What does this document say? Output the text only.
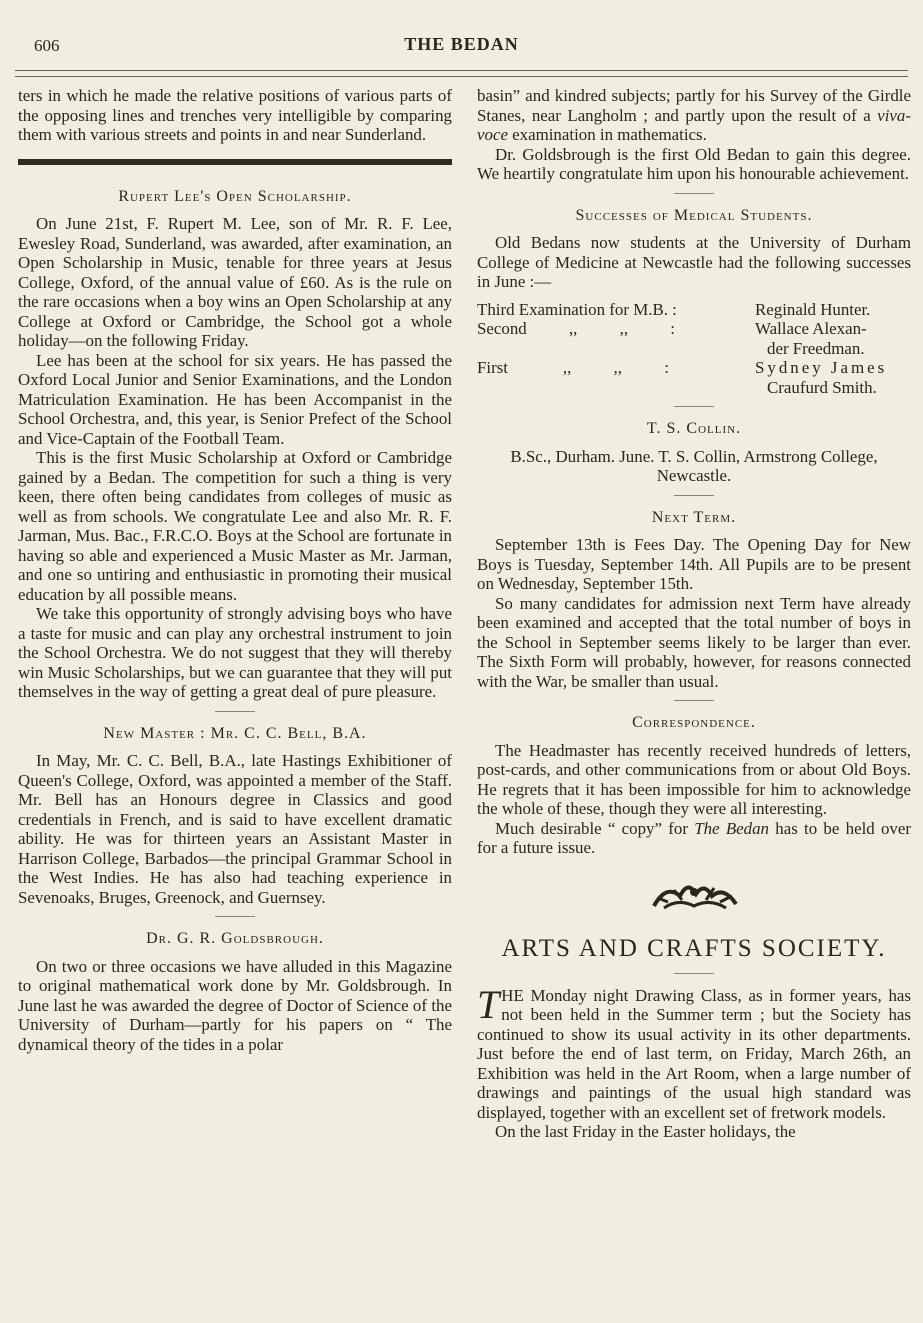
606	THE BEDAN

ters in which he made the relative positions of various parts of the opposing lines and trenches very intelligible by comparing them with various streets and points in and near Sunderland.

Rupert Lee's Open Scholarship.

On June 21st, F. Rupert M. Lee, son of Mr. R. F. Lee, Ewesley Road, Sunderland, was awarded, after examination, an Open Scholarship in Music, tenable for three years at Jesus College, Oxford, of the annual value of £60. As is the rule on the rare occasions when a boy wins an Open Scholarship at any College at Oxford or Cambridge, the School got a whole holiday—on the following Friday.

Lee has been at the school for six years. He has passed the Oxford Local Junior and Senior Examinations, and the London Matriculation Examination. He has been Accompanist in the School Orchestra, and, this year, is Senior Prefect of the School and Vice-Captain of the Football Team.

This is the first Music Scholarship at Oxford or Cambridge gained by a Bedan. The competition for such a thing is very keen, there often being candidates from colleges of music as well as from schools. We congratulate Lee and also Mr. R. F. Jarman, Mus. Bac., F.R.C.O. Boys at the School are fortunate in having so able and experienced a Music Master as Mr. Jarman, and one so untiring and enthusiastic in promoting their musical education by all possible means.

We take this opportunity of strongly advising boys who have a taste for music and can play any orchestral instrument to join the School Orchestra. We do not suggest that they will thereby win Music Scholarships, but we can guarantee that they will put themselves in the way of getting a great deal of pure pleasure.

New Master : Mr. C. C. Bell, B.A.

In May, Mr. C. C. Bell, B.A., late Hastings Exhibitioner of Queen's College, Oxford, was appointed a member of the Staff. Mr. Bell has an Honours degree in Classics and good credentials in French, and is said to have excellent dramatic ability. He was for thirteen years an Assistant Master in Harrison College, Barbados—the principal Grammar School in the West Indies. He has also had teaching experience in Sevenoaks, Bruges, Greenock, and Guernsey.

Dr. G. R. Goldsbrough.

On two or three occasions we have alluded in this Magazine to original mathematical work done by Mr. Goldsbrough. In June last he was awarded the degree of Doctor of Science of the University of Durham—partly for his papers on “ The dynamical theory of the tides in a polar

basin” and kindred subjects; partly for his Survey of the Girdle Stanes, near Langholm ; and partly upon the result of a viva-voce examination in mathematics.

Dr. Goldsbrough is the first Old Bedan to gain this degree. We heartily congratulate him upon his honourable achievement.

Successes of Medical Students.

Old Bedans now students at the University of Durham College of Medicine at Newcastle had the following successes in June :—

Third Examination for M.B. :	Reginald Hunter.
Second          ,,          ,,          :	Wallace Alexan-
der Freedman.
First             ,,          ,,          :	Sydney James
Craufurd Smith.
T. S. Collin.

B.Sc., Durham. June. T. S. Collin, Armstrong College, Newcastle.

Next Term.

September 13th is Fees Day. The Opening Day for New Boys is Tuesday, September 14th. All Pupils are to be present on Wednesday, September 15th.

So many candidates for admission next Term have already been examined and accepted that the total number of boys in the School in September seems likely to be larger than ever. The Sixth Form will probably, however, for reasons connected with the War, be smaller than usual.

Correspondence.

The Headmaster has recently received hundreds of letters, post-cards, and other communications from or about Old Boys. He regrets that it has been impossible for him to acknowledge the whole of these, though they were all interesting.

Much desirable “ copy” for The Bedan has to be held over for a future issue.

ARTS AND CRAFTS SOCIETY.

THE Monday night Drawing Class, as in former years, has not been held in the Summer term ; but the Society has continued to show its usual activity in its other departments. Just before the end of last term, on Friday, March 26th, an Exhibition was held in the Art Room, when a large number of drawings and paintings of the usual high standard was displayed, together with an excellent set of fretwork models.

On the last Friday in the Easter holidays, the
